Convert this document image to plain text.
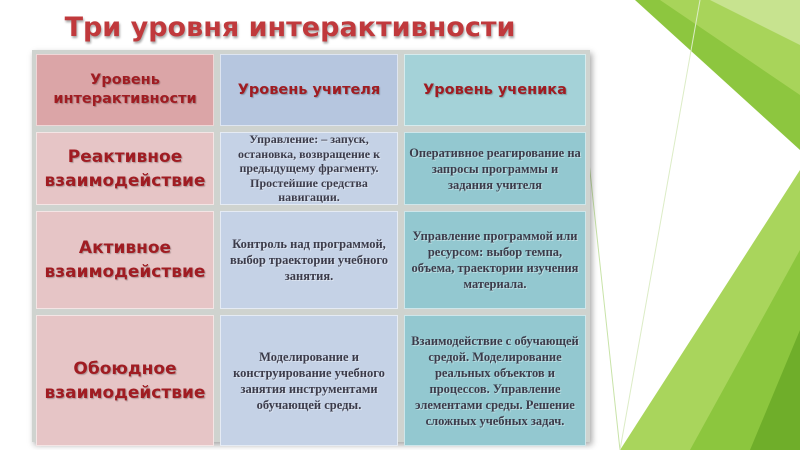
Три уровня интерактивности
Уровень интерактивности
Уровень учителя	Уровень ученика
Реактивное взаимодействие
Управление: – запуск, остановка, возвращение к предыдущему фрагменту. Простейшие средства навигации.
Оперативное реагирование на запросы программы и задания учителя
Активное взаимодействие
Контроль над программой, выбор траектории учебного занятия.
Управление программой или ресурсом: выбор темпа, объема, траектории изучения материала.
Обоюдное взаимодействие
Моделирование и конструирование учебного занятия инструментами обучающей среды.
Взаимодействие с обучающей средой. Моделирование реальных объектов и процессов. Управление элементами среды. Решение сложных учебных задач.
